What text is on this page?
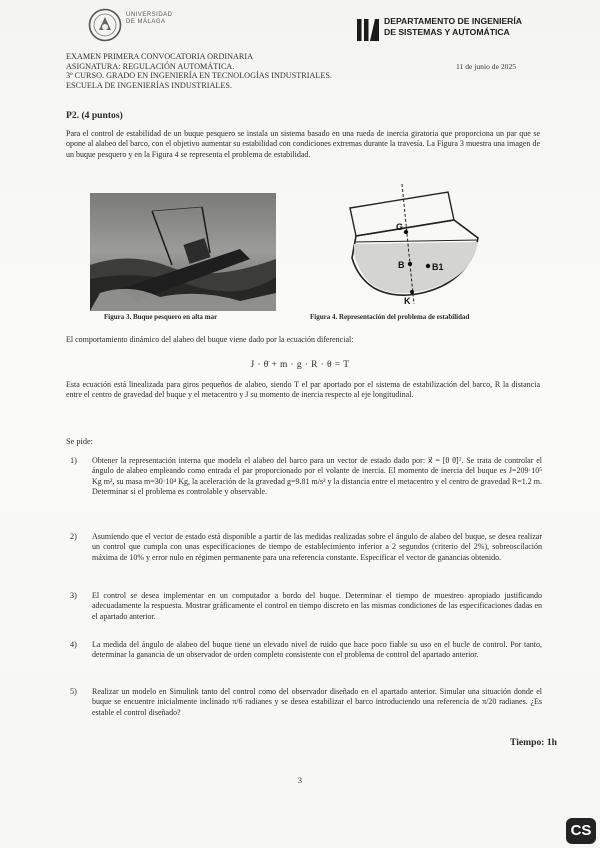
UNIVERSIDAD
DE MÁLAGA	DEPARTAMENTO DE INGENIERÍA
DE SISTEMAS Y AUTOMÁTICA
EXAMEN PRIMERA CONVOCATORIA ORDINARIA
ASIGNATURA: REGULACIÓN AUTOMÁTICA.
3º CURSO. GRADO EN INGENIERÍA EN TECNOLOGÍAS INDUSTRIALES.
ESCUELA DE INGENIERÍAS INDUSTRIALES.
11 de junio de 2025
P2. (4 puntos)
Para el control de estabilidad de un buque pesquero se instala un sistema basado en una rueda de inercia giratoria que proporciona un par que se opone al alabeo del barco, con el objetivo aumentar su estabilidad con condiciones extremas durante la travesía. La Figura 3 muestra una imagen de un buque pesquero y en la Figura 4 se representa el problema de estabilidad.
Figura 3. Buque pesquero en alta mar
G
B	B1
K
Figura 4. Representación del problema de estabilidad
El comportamiento dinámico del alabeo del buque viene dado por la ecuación diferencial:
J · θ̈ + m · g · R · θ = T
Esta ecuación está linealizada para giros pequeños de alabeo, siendo T el par aportado por el sistema de estabilización del barco, R la distancia entre el centro de gravedad del buque y el metacentro y J su momento de inercia respecto al eje longitudinal.
Se pide:
1) Obtener la representación interna que modela el alabeo del barco para un vector de estado dado por: x⃗ = [θ θ̇]ᵀ. Se trata de controlar el ángulo de alabeo empleando como entrada el par proporcionado por el volante de inercia. El momento de inercia del buque es J=209·10⁵ Kg m², su masa m=30·10⁴ Kg, la aceleración de la gravedad g=9.81 m/s² y la distancia entre el metacentro y el centro de gravedad R=1.2 m. Determinar si el problema es controlable y observable.
2) Asumiendo que el vector de estado está disponible a partir de las medidas realizadas sobre el ángulo de alabeo del buque, se desea realizar un control que cumpla con unas especificaciones de tiempo de establecimiento inferior a 2 segundos (criterio del 2%), sobreoscilación máxima de 10% y error nulo en régimen permanente para una referencia constante. Especificar el vector de ganancias obtenido.
3) El control se desea implementar en un computador a bordo del buque. Determinar el tiempo de muestreo apropiado justificando adecuadamente la respuesta. Mostrar gráficamente el control en tiempo discreto en las mismas condiciones de las especificaciones dadas en el apartado anterior.
4) La medida del ángulo de alabeo del buque tiene un elevado nivel de ruido que hace poco fiable su uso en el bucle de control. Por tanto, determinar la ganancia de un observador de orden completo consistente con el problema de control del apartado anterior.
5) Realizar un modelo en Simulink tanto del control como del observador diseñado en el apartado anterior. Simular una situación donde el buque se encuentre inicialmente inclinado π/6 radianes y se desea estabilizar el barco introduciendo una referencia de π/20 radianes. ¿Es estable el control diseñado?
Tiempo: 1h
3
CS
